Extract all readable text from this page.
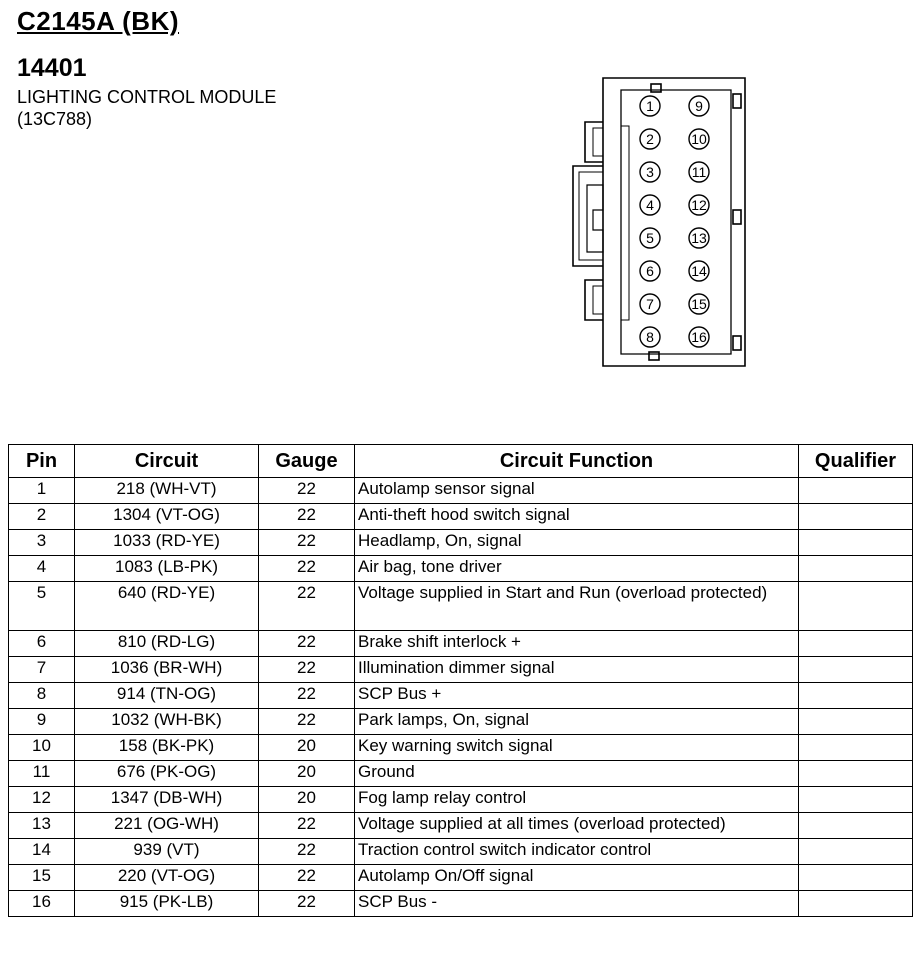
C2145A (BK)
14401
LIGHTING CONTROL MODULE
(13C788)
1
2
3
4
5
6
7
8
9
10
11
12
13
14
15
16
Pin	Circuit	Gauge	Circuit Function	Qualifier
1	218 (WH-VT)	22	Autolamp sensor signal	
2	1304 (VT-OG)	22	Anti-theft hood switch signal	
3	1033 (RD-YE)	22	Headlamp, On, signal	
4	1083 (LB-PK)	22	Air bag, tone driver	
5	640 (RD-YE)	22	Voltage supplied in Start and Run (overload protected)	
6	810 (RD-LG)	22	Brake shift interlock +	
7	1036 (BR-WH)	22	Illumination dimmer signal	
8	914 (TN-OG)	22	SCP Bus +	
9	1032 (WH-BK)	22	Park lamps, On, signal	
10	158 (BK-PK)	20	Key warning switch signal	
11	676 (PK-OG)	20	Ground	
12	1347 (DB-WH)	20	Fog lamp relay control	
13	221 (OG-WH)	22	Voltage supplied at all times (overload protected)	
14	939 (VT)	22	Traction control switch indicator control	
15	220 (VT-OG)	22	Autolamp On/Off signal	
16	915 (PK-LB)	22	SCP Bus -	
